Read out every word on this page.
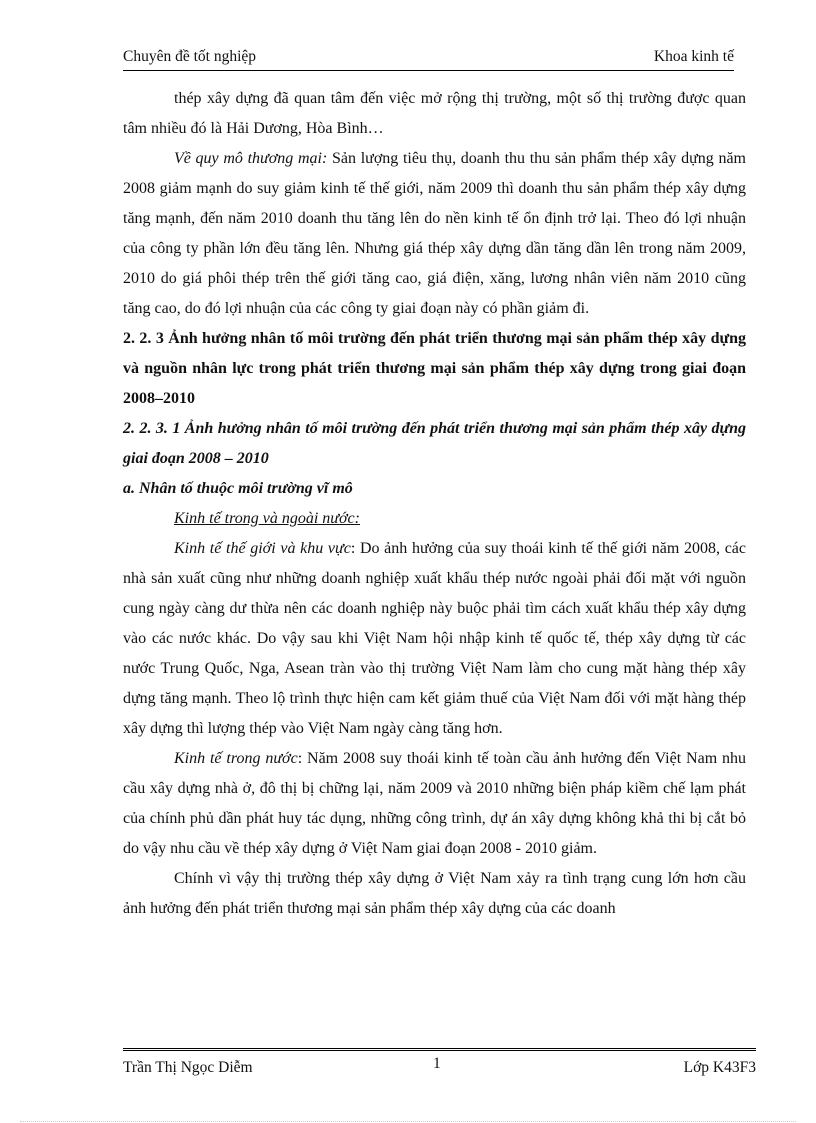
Chuyên đề tốt nghiệp	Khoa kinh tế

thép xây dựng đã quan tâm đến việc mở rộng thị trường, một số thị trường được quan tâm nhiều đó là Hải Dương, Hòa Bình…

Về quy mô thương mại: Sản lượng tiêu thụ, doanh thu thu sản phẩm thép xây dựng năm 2008 giảm mạnh do suy giảm kinh tế thế giới, năm 2009 thì doanh thu sản phẩm thép xây dựng tăng mạnh, đến năm 2010 doanh thu tăng lên do nền kinh tế ổn định trở lại. Theo đó lợi nhuận của công ty phần lớn đều tăng lên. Nhưng giá thép xây dựng dần tăng dần lên trong năm 2009, 2010 do giá phôi thép trên thế giới tăng cao, giá điện, xăng, lương nhân viên năm 2010 cũng tăng cao, do đó lợi nhuận của các công ty giai đoạn này có phần giảm đi.

2. 2. 3 Ảnh hưởng nhân tố môi trường đến phát triển thương mại sản phẩm thép xây dựng và nguồn nhân lực trong phát triển thương mại sản phẩm thép xây dựng trong giai đoạn 2008–2010

2. 2. 3. 1 Ảnh hưởng nhân tố môi trường đến phát triển thương mại sản phẩm thép xây dựng giai đoạn 2008 – 2010

a. Nhân tố thuộc môi trường vĩ mô

Kinh tế trong và ngoài nước:

Kinh tế thế giới và khu vực: Do ảnh hưởng của suy thoái kinh tế thế giới năm 2008, các nhà sản xuất cũng như những doanh nghiệp xuất khẩu thép nước ngoài phải đối mặt với nguồn cung ngày càng dư thừa nên các doanh nghiệp này buộc phải tìm cách xuất khẩu thép xây dựng vào các nước khác. Do vậy sau khi Việt Nam hội nhập kinh tế quốc tế, thép xây dựng từ các nước Trung Quốc, Nga, Asean tràn vào thị trường Việt Nam làm cho cung mặt hàng thép xây dựng tăng mạnh. Theo lộ trình thực hiện cam kết giảm thuế của Việt Nam đối với mặt hàng thép xây dựng thì lượng thép vào Việt Nam ngày càng tăng hơn.

Kinh tế trong nước: Năm 2008 suy thoái kinh tế toàn cầu ảnh hưởng đến Việt Nam nhu cầu xây dựng nhà ở, đô thị bị chững lại, năm 2009 và 2010 những biện pháp kiềm chế lạm phát của chính phủ dần phát huy tác dụng, những công trình, dự án xây dựng không khả thi bị cắt bỏ do vậy nhu cầu về thép xây dựng ở Việt Nam giai đoạn 2008 - 2010 giảm.

Chính vì vậy thị trường thép xây dựng ở Việt Nam xảy ra tình trạng cung lớn hơn cầu ảnh hưởng đến phát triển thương mại sản phẩm thép xây dựng của các doanh

Trần Thị Ngọc Diễm	1	Lớp K43F3
